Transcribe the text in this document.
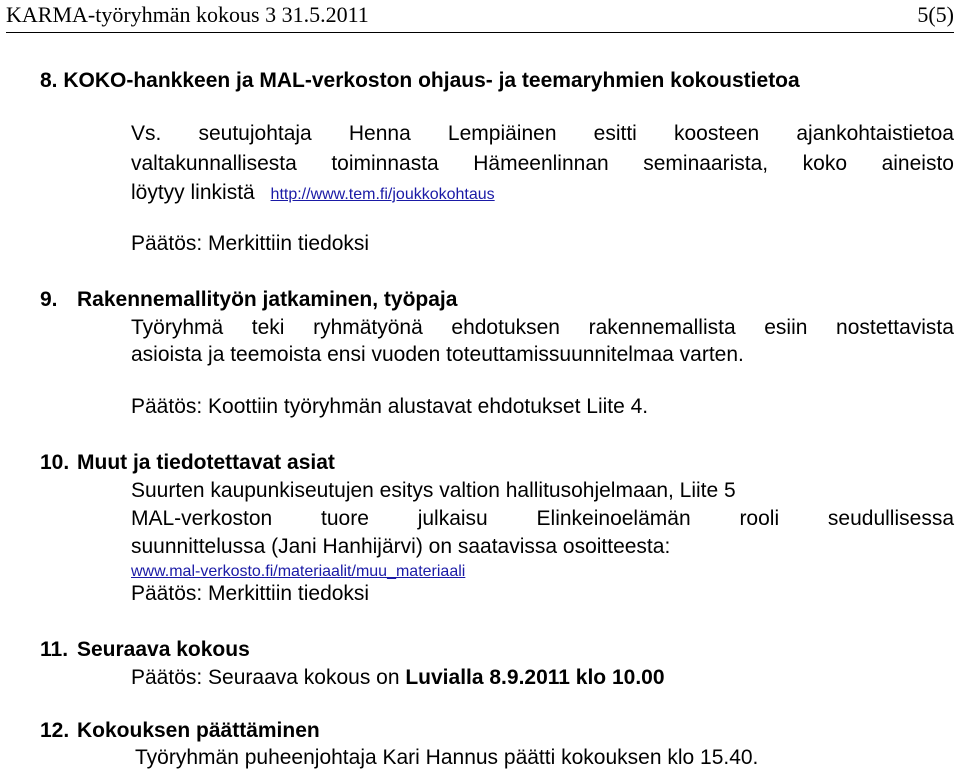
KARMA-työryhmän kokous 3 31.5.2011	5(5)
8. KOKO-hankkeen ja MAL-verkoston ohjaus- ja teemaryhmien kokoustietoa
Vs. seutujohtaja Henna Lempiäinen esitti koosteen ajankohtaistietoa
valtakunnallisesta toiminnasta Hämeenlinnan seminaarista, koko aineisto
löytyy linkistä http://www.tem.fi/joukkokohtaus
Päätös: Merkittiin tiedoksi
9. Rakennemallityön jatkaminen, työpaja
Työryhmä teki ryhmätyönä ehdotuksen rakennemallista esiin nostettavista
asioista ja teemoista ensi vuoden toteuttamissuunnitelmaa varten.
Päätös: Koottiin työryhmän alustavat ehdotukset Liite 4.
10. Muut ja tiedotettavat asiat
Suurten kaupunkiseutujen esitys valtion hallitusohjelmaan, Liite 5
MAL-verkoston tuore julkaisu Elinkeinoelämän rooli seudullisessa
suunnittelussa (Jani Hanhijärvi) on saatavissa osoitteesta:
www.mal-verkosto.fi/materiaalit/muu_materiaali
Päätös: Merkittiin tiedoksi
11. Seuraava kokous
Päätös: Seuraava kokous on Luvialla 8.9.2011 klo 10.00
12. Kokouksen päättäminen
Työryhmän puheenjohtaja Kari Hannus päätti kokouksen klo 15.40.
